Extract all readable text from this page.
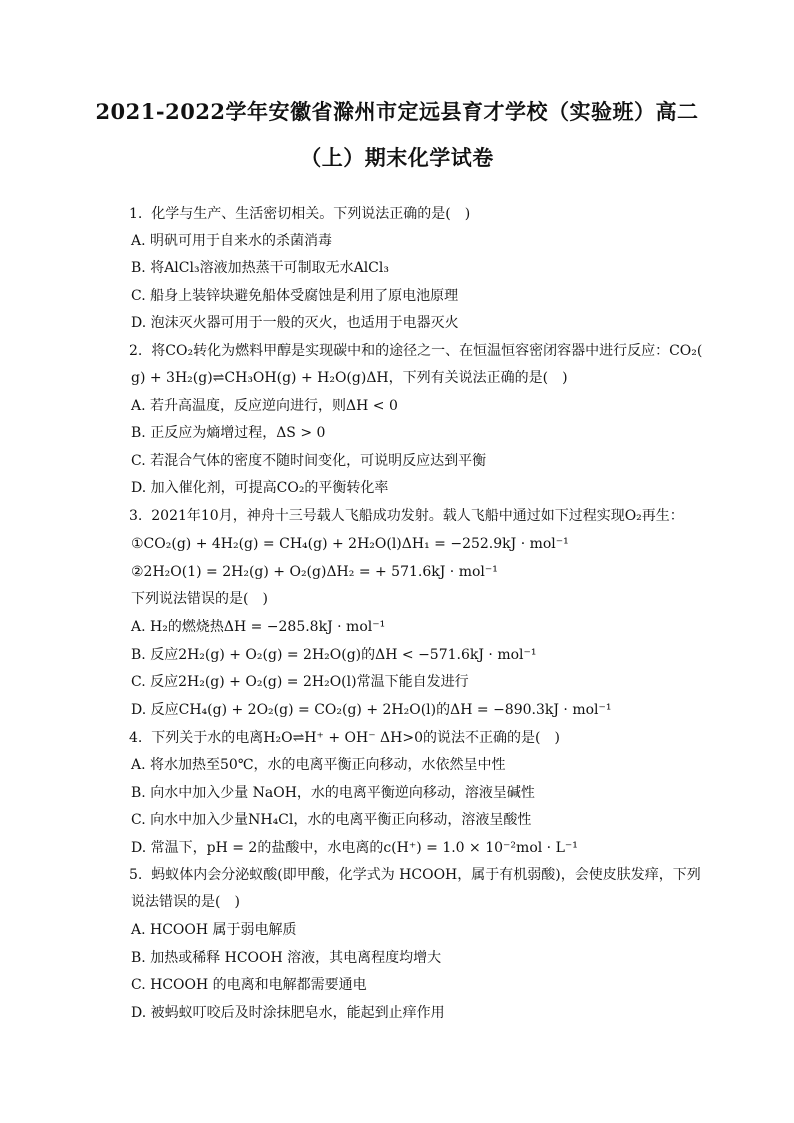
2021-2022学年安徽省滁州市定远县育才学校（实验班）高二
（上）期末化学试卷
1. 化学与生产、生活密切相关。下列说法正确的是(　)
A. 明矾可用于自来水的杀菌消毒
B. 将AlCl₃溶液加热蒸干可制取无水AlCl₃
C. 船身上装锌块避免船体受腐蚀是利用了原电池原理
D. 泡沫灭火器可用于一般的灭火，也适用于电器灭火
2. 将CO₂转化为燃料甲醇是实现碳中和的途径之一、在恒温恒容密闭容器中进行反应：CO₂(
g) + 3H₂(g)⇌CH₃OH(g) + H₂O(g)ΔH，下列有关说法正确的是(　)
A. 若升高温度，反应逆向进行，则ΔH < 0
B. 正反应为熵增过程，ΔS > 0
C. 若混合气体的密度不随时间变化，可说明反应达到平衡
D. 加入催化剂，可提高CO₂的平衡转化率
3. 2021年10月，神舟十三号载人飞船成功发射。载人飞船中通过如下过程实现O₂再生：
①CO₂(g) + 4H₂(g) = CH₄(g) + 2H₂O(l)ΔH₁ = −252.9kJ · mol⁻¹
②2H₂O(1) = 2H₂(g) + O₂(g)ΔH₂ = + 571.6kJ · mol⁻¹
下列说法错误的是(　)
A. H₂的燃烧热ΔH = −285.8kJ · mol⁻¹
B. 反应2H₂(g) + O₂(g) = 2H₂O(g)的ΔH < −571.6kJ · mol⁻¹
C. 反应2H₂(g) + O₂(g) = 2H₂O(l)常温下能自发进行
D. 反应CH₄(g) + 2O₂(g) = CO₂(g) + 2H₂O(l)的ΔH = −890.3kJ · mol⁻¹
4. 下列关于水的电离H₂O⇌H⁺ + OH⁻ ΔH>0的说法不正确的是(　)
A. 将水加热至50℃，水的电离平衡正向移动，水依然呈中性
B. 向水中加入少量 NaOH，水的电离平衡逆向移动，溶液呈碱性
C. 向水中加入少量NH₄Cl，水的电离平衡正向移动，溶液呈酸性
D. 常温下，pH = 2的盐酸中，水电离的c(H⁺) = 1.0 × 10⁻²mol · L⁻¹
5. 蚂蚁体内会分泌蚁酸(即甲酸，化学式为 HCOOH，属于有机弱酸)，会使皮肤发痒，下列
说法错误的是(　)
A. HCOOH 属于弱电解质
B. 加热或稀释 HCOOH 溶液，其电离程度均增大
C. HCOOH 的电离和电解都需要通电
D. 被蚂蚁叮咬后及时涂抹肥皂水，能起到止痒作用
